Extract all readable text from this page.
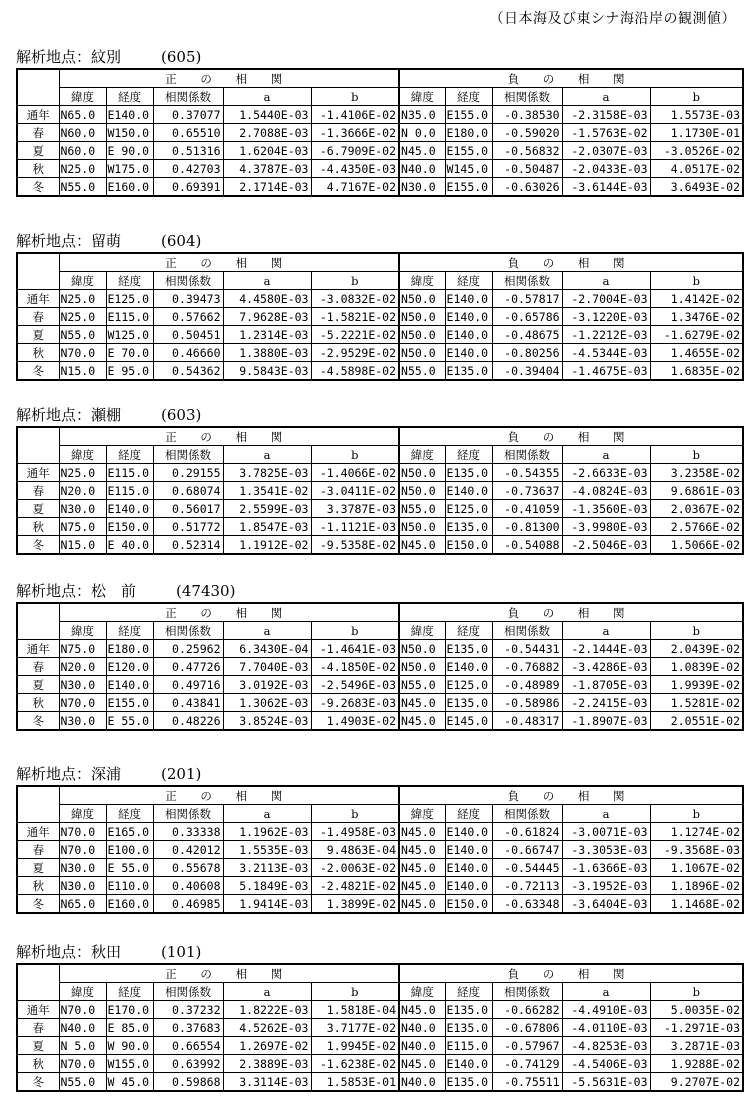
（日本海及び東シナ海沿岸の観測値）
解析地点：紋別	(605)
	正 の 相 関					負 の 相 関				
	緯度	経度	相関係数	a	b	緯度	経度	相関係数	a	b
通年	N65.0	E140.0	0.37077	1.5440E-03	-1.4106E-02	N35.0	E155.0	-0.38530	-2.3158E-03	1.5573E-03
春	N60.0	W150.0	0.65510	2.7088E-03	-1.3666E-02	N 0.0	E180.0	-0.59020	-1.5763E-02	1.1730E-01
夏	N60.0	E 90.0	0.51316	1.6204E-03	-6.7909E-02	N45.0	E155.0	-0.56832	-2.0307E-03	-3.0526E-02
秋	N25.0	W175.0	0.42703	4.3787E-03	-4.4350E-03	N40.0	W145.0	-0.50487	-2.0433E-03	4.0517E-02
冬	N55.0	E160.0	0.69391	2.1714E-03	4.7167E-02	N30.0	E155.0	-0.63026	-3.6144E-03	3.6493E-02
解析地点：留萌	(604)
	正 の 相 関					負 の 相 関				
	緯度	経度	相関係数	a	b	緯度	経度	相関係数	a	b
通年	N25.0	E125.0	0.39473	4.4580E-03	-3.0832E-02	N50.0	E140.0	-0.57817	-2.7004E-03	1.4142E-02
春	N25.0	E115.0	0.57662	7.9628E-03	-1.5821E-02	N50.0	E140.0	-0.65786	-3.1220E-03	1.3476E-02
夏	N55.0	W125.0	0.50451	1.2314E-03	-5.2221E-02	N50.0	E140.0	-0.48675	-1.2212E-03	-1.6279E-02
秋	N70.0	E 70.0	0.46660	1.3880E-03	-2.9529E-02	N50.0	E140.0	-0.80256	-4.5344E-03	1.4655E-02
冬	N15.0	E 95.0	0.54362	9.5843E-03	-4.5898E-02	N55.0	E135.0	-0.39404	-1.4675E-03	1.6835E-02
解析地点：瀬棚	(603)
	正 の 相 関					負 の 相 関				
	緯度	経度	相関係数	a	b	緯度	経度	相関係数	a	b
通年	N25.0	E115.0	0.29155	3.7825E-03	-1.4066E-02	N50.0	E135.0	-0.54355	-2.6633E-03	3.2358E-02
春	N20.0	E115.0	0.68074	1.3541E-02	-3.0411E-02	N50.0	E140.0	-0.73637	-4.0824E-03	9.6861E-03
夏	N30.0	E140.0	0.56017	2.5599E-03	3.3787E-03	N55.0	E125.0	-0.41059	-1.3560E-03	2.0367E-02
秋	N75.0	E150.0	0.51772	1.8547E-03	-1.1121E-03	N50.0	E135.0	-0.81300	-3.9980E-03	2.5766E-02
冬	N15.0	E 40.0	0.52314	1.1912E-02	-9.5358E-02	N45.0	E150.0	-0.54088	-2.5046E-03	1.5066E-02
解析地点：松　前	(47430)
	正 の 相 関					負 の 相 関				
	緯度	経度	相関係数	a	b	緯度	経度	相関係数	a	b
通年	N75.0	E180.0	0.25962	6.3430E-04	-1.4641E-03	N50.0	E135.0	-0.54431	-2.1444E-03	2.0439E-02
春	N20.0	E120.0	0.47726	7.7040E-03	-4.1850E-02	N50.0	E140.0	-0.76882	-3.4286E-03	1.0839E-02
夏	N30.0	E140.0	0.49716	3.0192E-03	-2.5496E-03	N55.0	E125.0	-0.48989	-1.8705E-03	1.9939E-02
秋	N70.0	E155.0	0.43841	1.3062E-03	-9.2683E-03	N45.0	E135.0	-0.58986	-2.2415E-03	1.5281E-02
冬	N30.0	E 55.0	0.48226	3.8524E-03	1.4903E-02	N45.0	E145.0	-0.48317	-1.8907E-03	2.0551E-02
解析地点：深浦	(201)
	正 の 相 関					負 の 相 関				
	緯度	経度	相関係数	a	b	緯度	経度	相関係数	a	b
通年	N70.0	E165.0	0.33338	1.1962E-03	-1.4958E-03	N45.0	E140.0	-0.61824	-3.0071E-03	1.1274E-02
春	N70.0	E100.0	0.42012	1.5535E-03	9.4863E-04	N45.0	E140.0	-0.66747	-3.3053E-03	-9.3568E-03
夏	N30.0	E 55.0	0.55678	3.2113E-03	-2.0063E-02	N45.0	E140.0	-0.54445	-1.6366E-03	1.1067E-02
秋	N30.0	E110.0	0.40608	5.1849E-03	-2.4821E-02	N45.0	E140.0	-0.72113	-3.1952E-03	1.1896E-02
冬	N65.0	E160.0	0.46985	1.9414E-03	1.3899E-02	N45.0	E150.0	-0.63348	-3.6404E-03	1.1468E-02
解析地点：秋田	(101)
	正 の 相 関					負 の 相 関				
	緯度	経度	相関係数	a	b	緯度	経度	相関係数	a	b
通年	N70.0	E170.0	0.37232	1.8222E-03	1.5818E-04	N45.0	E135.0	-0.66282	-4.4910E-03	5.0035E-02
春	N40.0	E 85.0	0.37683	4.5262E-03	3.7177E-02	N40.0	E135.0	-0.67806	-4.0110E-03	-1.2971E-03
夏	N 5.0	W 90.0	0.66554	1.2697E-02	1.9945E-02	N40.0	E115.0	-0.57967	-4.8253E-03	3.2871E-03
秋	N70.0	W155.0	0.63992	2.3889E-03	-1.6238E-02	N45.0	E140.0	-0.74129	-4.5406E-03	1.9288E-02
冬	N55.0	W 45.0	0.59868	3.3114E-03	1.5853E-01	N40.0	E135.0	-0.75511	-5.5631E-03	9.2707E-02
